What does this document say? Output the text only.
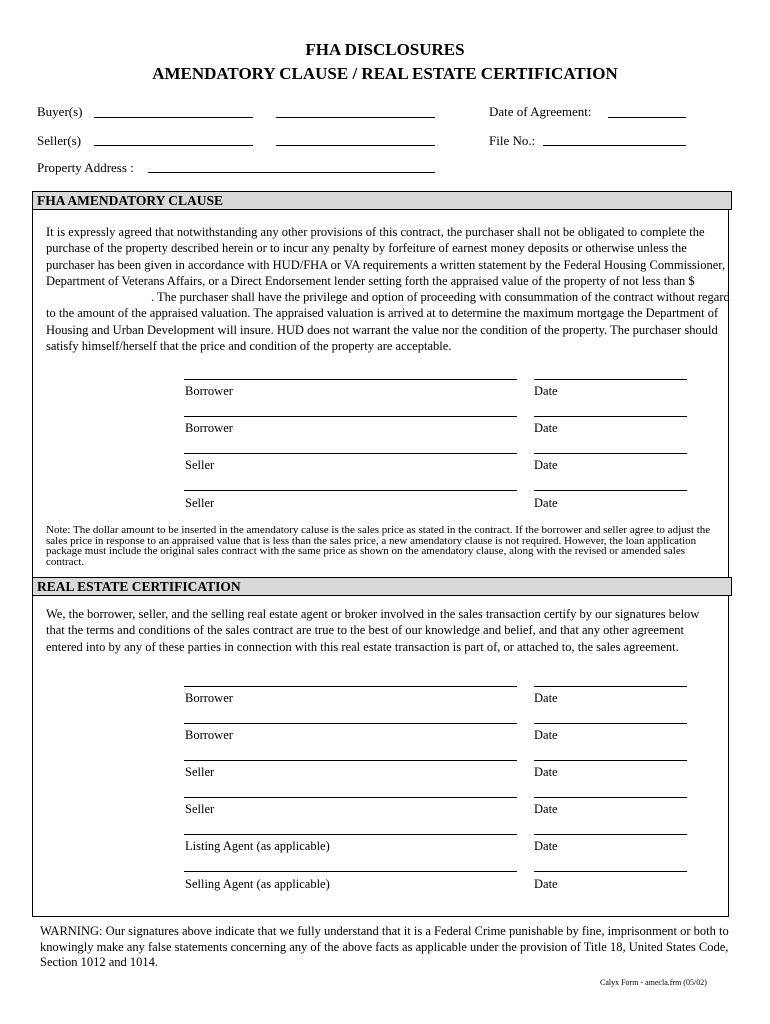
FHA DISCLOSURES
AMENDATORY CLAUSE / REAL ESTATE CERTIFICATION
Buyer(s)
Seller(s)
Property Address :
Date of Agreement:
File No.:
FHA AMENDATORY CLAUSE
It is expressly agreed that notwithstanding any other provisions of this contract, the purchaser shall not be obligated to complete the purchase of the property described herein or to incur any penalty by forfeiture of earnest money deposits or otherwise unless the purchaser has been given in accordance with HUD/FHA or VA requirements a written statement by the Federal Housing Commissioner, Department of Veterans Affairs, or a Direct Endorsement lender setting forth the appraised value of the property of not less than $. The purchaser shall have the privilege and option of proceeding with consummation of the contract without regard to the amount of the appraised valuation. The appraised valuation is arrived at to determine the maximum mortgage the Department of Housing and Urban Development will insure. HUD does not warrant the value nor the condition of the property. The purchaser should satisfy himself/herself that the price and condition of the property are acceptable.
Borrower	Date
Borrower	Date
Seller	Date
Seller	Date
Note: The dollar amount to be inserted in the amendatory caluse is the sales price as stated in the contract. If the borrower and seller agree to adjust the sales price in response to an appraised value that is less than the sales price, a new amendatory clause is not required. However, the loan application package must include the original sales contract with the same price as shown on the amendatory clause, along with the revised or amended sales contract.
REAL ESTATE CERTIFICATION
We, the borrower, seller, and the selling real estate agent or broker involved in the sales transaction certify by our signatures below that the terms and conditions of the sales contract are true to the best of our knowledge and belief, and that any other agreement entered into by any of these parties in connection with this real estate transaction is part of, or attached to, the sales agreement.
Borrower	Date
Borrower	Date
Seller	Date
Seller	Date
Listing Agent (as applicable)	Date
Selling Agent (as applicable)	Date
WARNING: Our signatures above indicate that we fully understand that it is a Federal Crime punishable by fine, imprisonment or both to knowingly make any false statements concerning any of the above facts as applicable under the provision of Title 18, United States Code, Section 1012 and 1014.
Calyx Form - amecla.frm (05/02)
